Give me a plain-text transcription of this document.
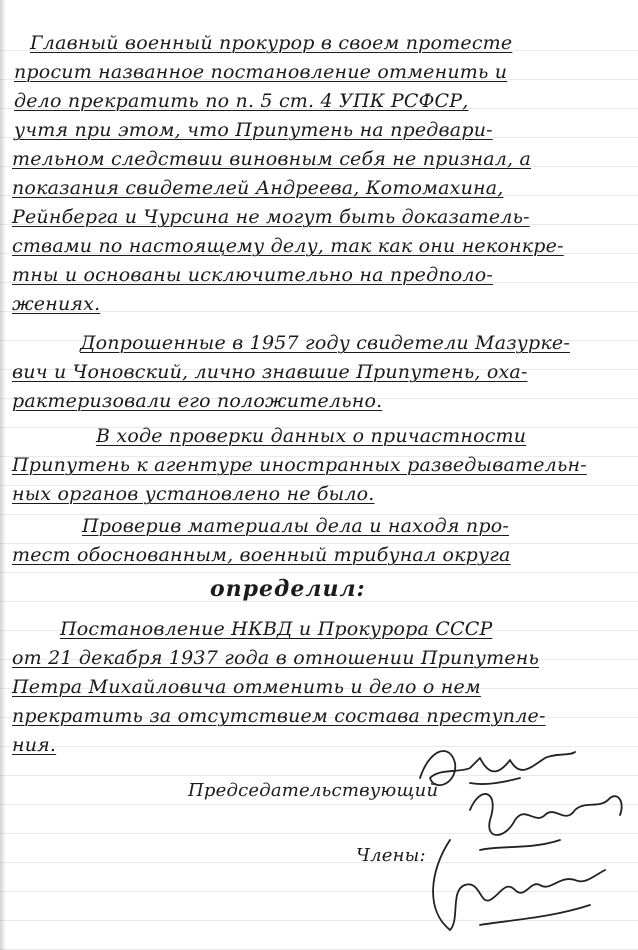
Главный военный прокурор в своем протесте
просит названное постановление отменить и
дело прекратить по п. 5 ст. 4 УПК РСФСР,
учтя при этом, что Припутень на предвари-
тельном следствии виновным себя не признал, а
показания свидетелей Андреева, Котомахина,
Рейнберга и Чурсина не могут быть доказатель-
ствами по настоящему делу, так как они неконкре-
тны и основаны исключительно на предполо-
жениях.
Допрошенные в 1957 году свидетели Мазурке-
вич и Чоновский, лично знавшие Припутень, оха-
рактеризовали его положительно.
В ходе проверки данных о причастности
Припутень к агентуре иностранных разведывательн-
ных органов установлено не было.
Проверив материалы дела и находя про-
тест обоснованным, военный трибунал округа
определил:
Постановление НКВД и Прокурора СССР
от 21 декабря 1937 года в отношении Припутень
Петра Михайловича отменить и дело о нем
прекратить за отсутствием состава преступле-
ния.
Председательствующий
Члены:
